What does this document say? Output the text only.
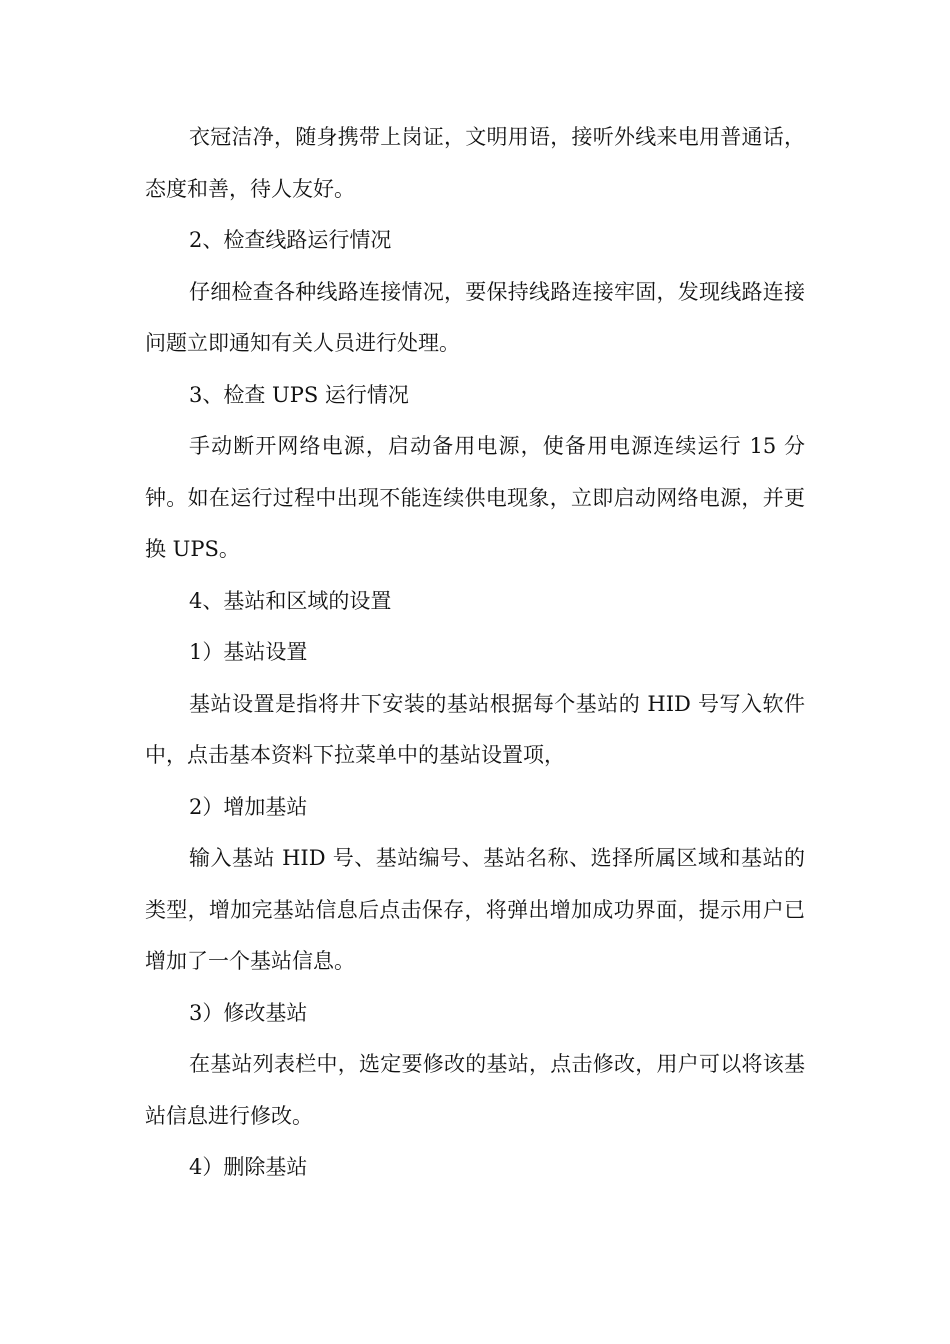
衣冠洁净，随身携带上岗证，文明用语，接听外线来电用普通话，态度和善，待人友好。

2、检查线路运行情况

仔细检查各种线路连接情况，要保持线路连接牢固，发现线路连接问题立即通知有关人员进行处理。

3、检查 UPS 运行情况

手动断开网络电源，启动备用电源，使备用电源连续运行 15 分钟。如在运行过程中出现不能连续供电现象，立即启动网络电源，并更换 UPS。

4、基站和区域的设置

1）基站设置

基站设置是指将井下安装的基站根据每个基站的 HID 号写入软件中，点击基本资料下拉菜单中的基站设置项，

2）增加基站

输入基站 HID 号、基站编号、基站名称、选择所属区域和基站的类型，增加完基站信息后点击保存，将弹出增加成功界面，提示用户已增加了一个基站信息。

3）修改基站

在基站列表栏中，选定要修改的基站，点击修改，用户可以将该基站信息进行修改。

4）删除基站
